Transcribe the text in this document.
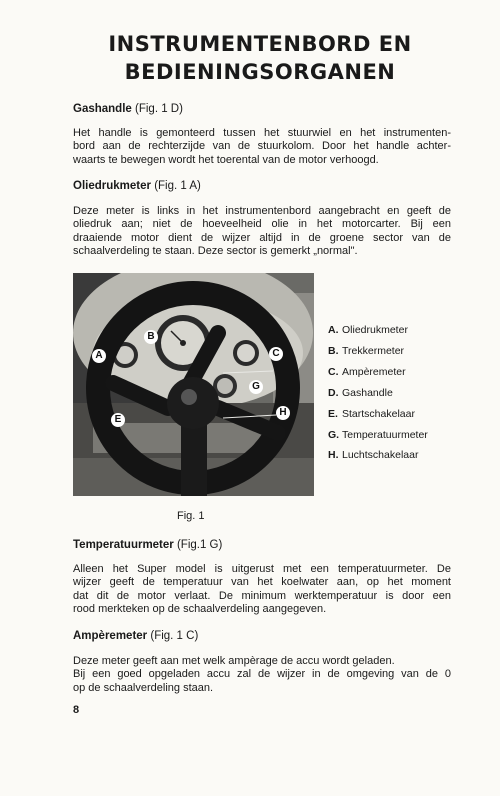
INSTRUMENTENBORD EN
BEDIENINGSORGANEN
Gashandle (Fig. 1 D)
Het handle is gemonteerd tussen het stuurwiel en het instrumenten-
bord aan de rechterzijde van de stuurkolom. Door het handle achter-
waarts te bewegen wordt het toerental van de motor verhoogd.
Oliedrukmeter (Fig. 1 A)
Deze meter is links in het instrumentenbord aangebracht en geeft de
oliedruk aan; niet de hoeveelheid olie in het motorcarter. Bij een
draaiende motor dient de wijzer altijd in de groene sector van de
schaalverdeling te staan. Deze sector is gemerkt „normal".
B
A	C
G
E
H
A. Oliedrukmeter
B. Trekkermeter
C. Ampèremeter
D. Gashandle
E. Startschakelaar
G. Temperatuurmeter
H. Luchtschakelaar
Fig. 1
Temperatuurmeter (Fig.1 G)
Alleen het Super model is uitgerust met een temperatuurmeter. De
wijzer geeft de temperatuur van het koelwater aan, op het moment
dat dit de motor verlaat. De minimum werktemperatuur is door een
rood merkteken op de schaalverdeling aangegeven.
Ampèremeter (Fig. 1 C)
Deze meter geeft aan met welk ampèrage de accu wordt geladen.
Bij een goed opgeladen accu zal de wijzer in de omgeving van de 0
op de schaalverdeling staan.
8
